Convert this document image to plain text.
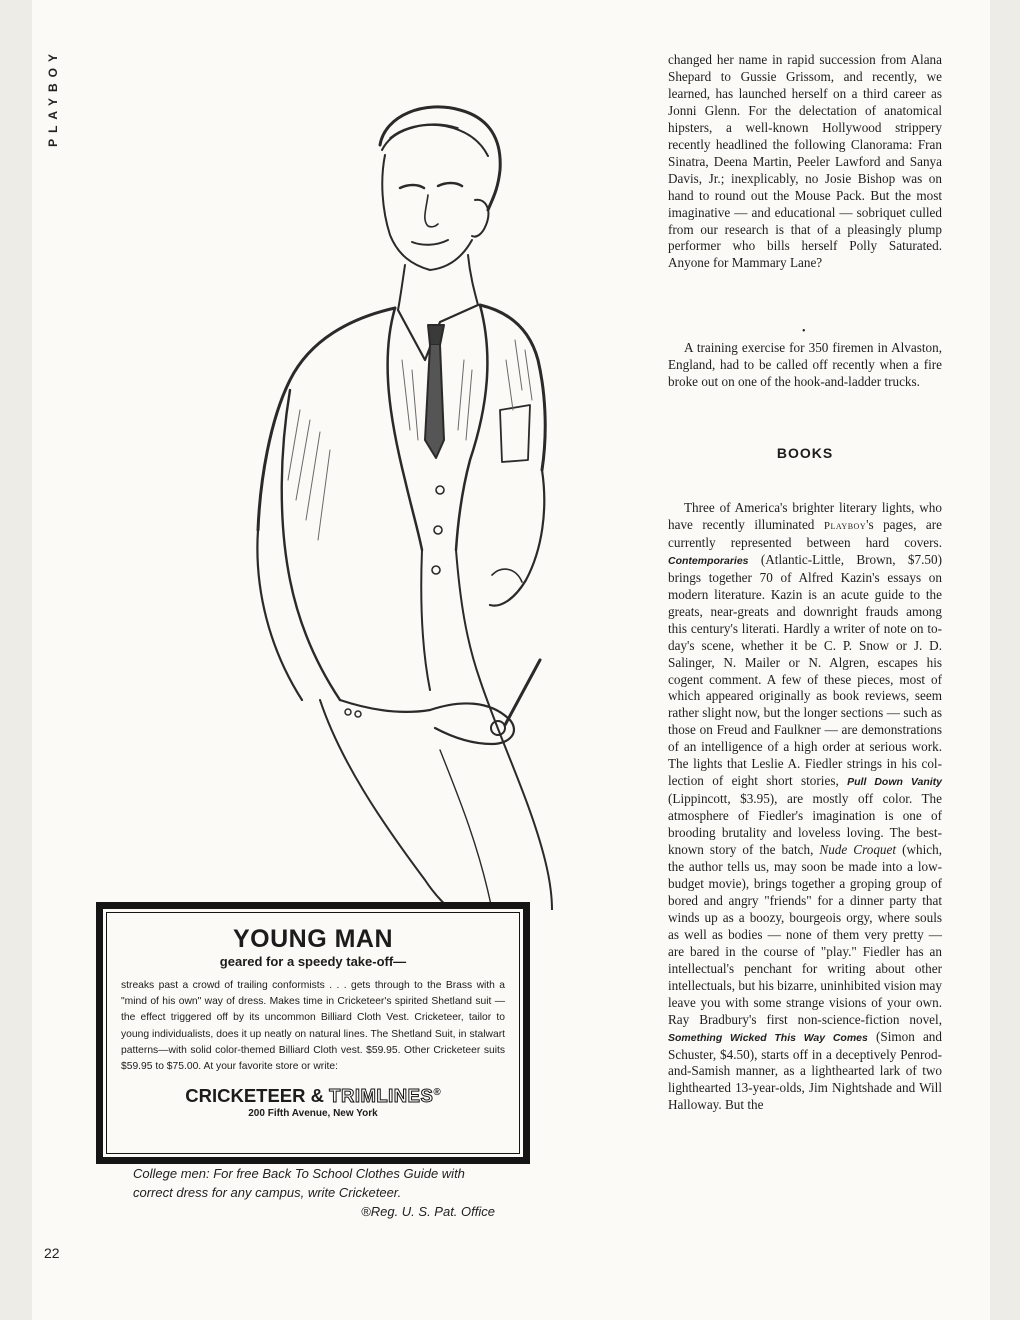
PLAYBOY
YOUNG MAN
geared for a speedy take-off—

streaks past a crowd of trailing conformists . . . gets through to the Brass with a "mind of his own" way of dress. Makes time in Cricketeer's spirited Shetland suit — the effect triggered off by its uncommon Billiard Cloth Vest. Cricketeer, tailor to young individualists, does it up neatly on natural lines. The Shetland Suit, in stalwart patterns—with solid color-themed Billiard Cloth vest. $59.95. Other Cricketeer suits $59.95 to $75.00. At your favorite store or write:

CRICKETEER & TRIMLINES®
200 Fifth Avenue, New York
College men: For free Back To School Clothes Guide with correct dress for any campus, write Cricketeer.
®Reg. U. S. Pat. Office

changed her name in rapid succession from Alana Shepard to Gussie Grissom, and recently, we learned, has launched herself on a third career as Jonni Glenn. For the delectation of anatomical hipsters, a well-known Hollywood strippery recently headlined the following Clanorama: Fran Sinatra, Deena Martin, Peeler Lawford and Sanya Davis, Jr.; inexplicably, no Josie Bishop was on hand to round out the Mouse Pack. But the most imaginative — and educational — sobriquet culled from our research is that of a pleasingly plump performer who bills herself Polly Saturated. Anyone for Mammary Lane?

•

A training exercise for 350 firemen in Alvaston, England, had to be called off recently when a fire broke out on one of the hook-and-ladder trucks.

BOOKS

Three of America's brighter literary lights, who have recently illuminated Playboy's pages, are currently represented between hard covers. Contemporaries (Atlantic-Little, Brown, $7.50) brings together 70 of Alfred Kazin's essays on modern literature. Kazin is an acute guide to the greats, near-greats and downright frauds among this century's literati. Hardly a writer of note on today's scene, whether it be C. P. Snow or J. D. Salinger, N. Mailer or N. Algren, escapes his cogent comment. A few of these pieces, most of which appeared originally as book reviews, seem rather slight now, but the longer sections — such as those on Freud and Faulkner — are demonstrations of an intelligence of a high order at serious work. The lights that Leslie A. Fiedler strings in his collection of eight short stories, Pull Down Vanity (Lippincott, $3.95), are mostly off color. The atmosphere of Fiedler's imagination is one of brooding brutality and loveless loving. The best-known story of the batch, Nude Croquet (which, the author tells us, may soon be made into a low-budget movie), brings together a groping group of bored and angry "friends" for a dinner party that winds up as a boozy, bourgeois orgy, where souls as well as bodies — none of them very pretty — are bared in the course of "play." Fiedler has an intellectual's penchant for writing about other intellectuals, but his bizarre, uninhibited vision may leave you with some strange visions of your own. Ray Bradbury's first non-science-fiction novel, Something Wicked This Way Comes (Simon and Schuster, $4.50), starts off in a deceptively Penrod-and-Samish manner, as a lighthearted lark of two lighthearted 13-year-olds, Jim Nightshade and Will Halloway. But the

22
